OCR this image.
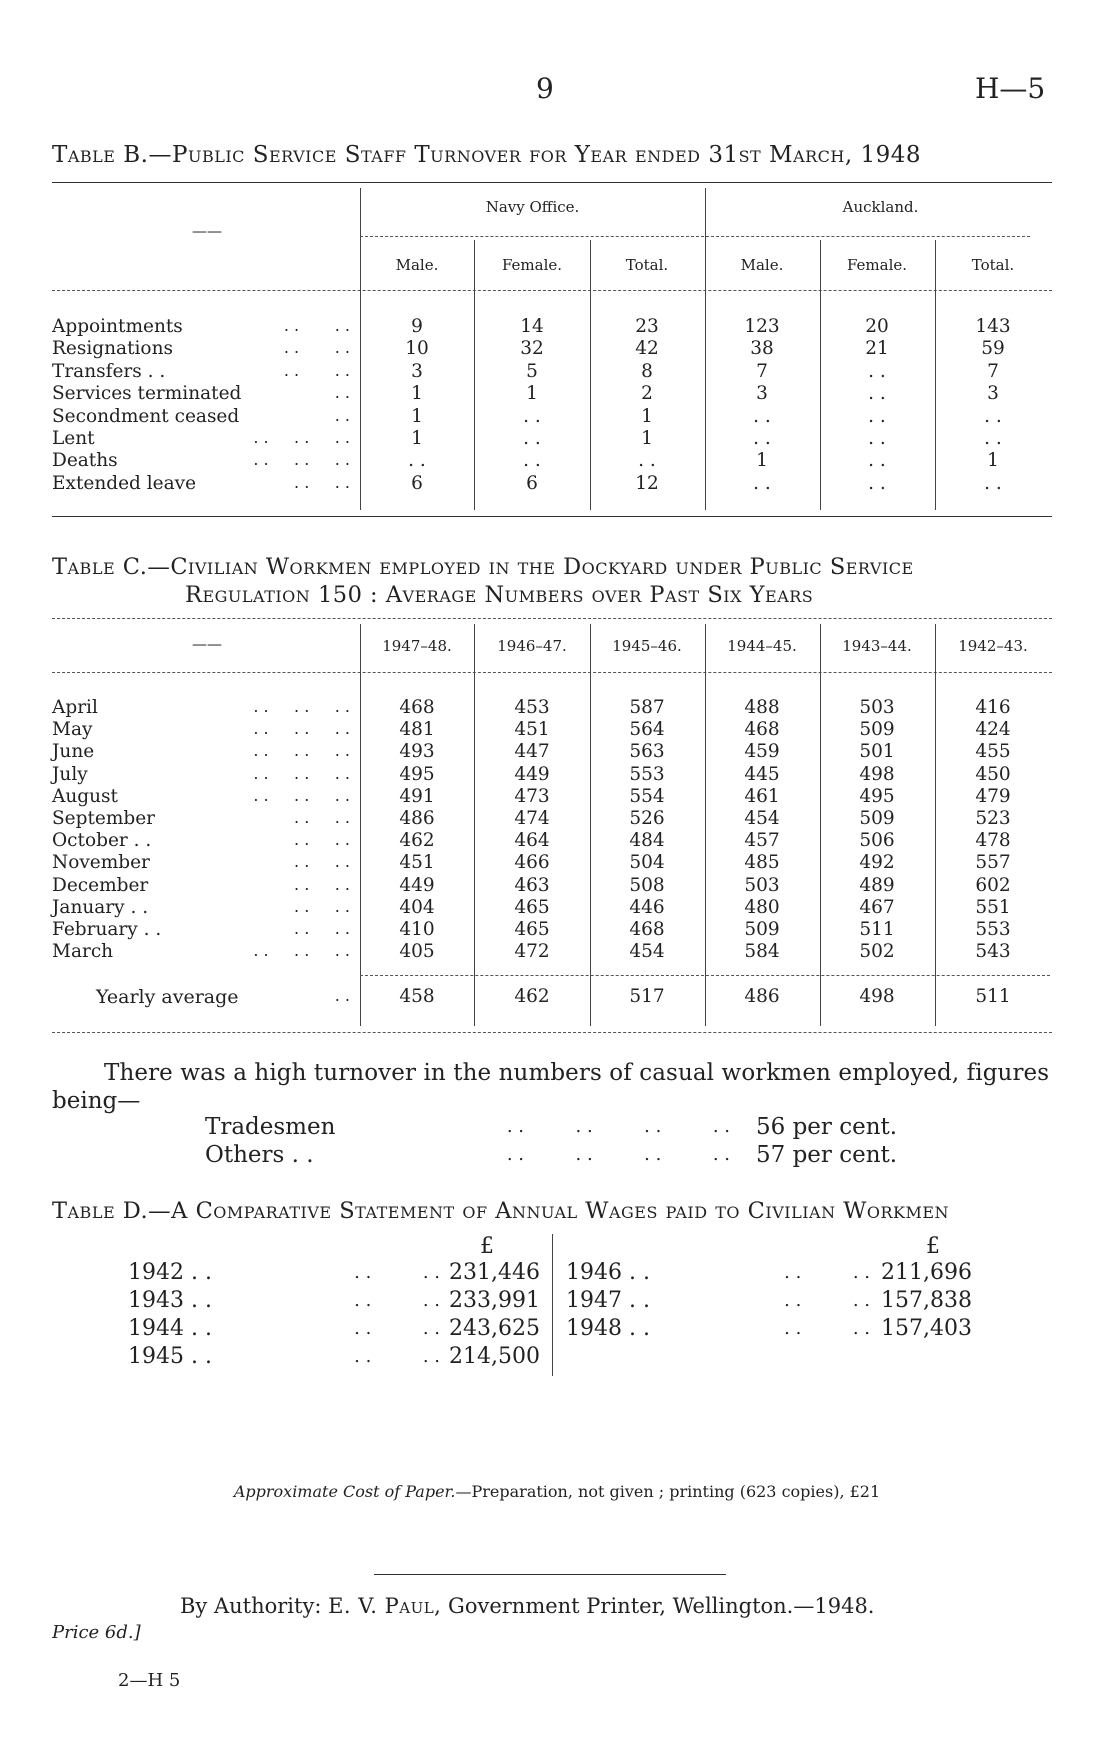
9	H—5
Table B.—Public Service Staff Turnover for Year ended 31st March, 1948
——
Navy Office.	Auckland.
Male.	Female.	Total.	Male.	Female.	Total.
Appointments	. .       . .	9	14	23	123	20	143
Resignations	. .       . .	10	32	42	38	21	59
Transfers . .	. .       . .	3	5	8	7	. .	7
Services terminated	. .	1	1	2	3	. .	3
Secondment ceased	. .	1	. .	1	. .	. .	. .
Lent	. .     . .     . .	1	. .	1	. .	. .	. .
Deaths	. .     . .     . .	. .	. .	. .	1	. .	1
Extended leave	. .     . .	6	6	12	. .	. .	. .
Table C.—Civilian Workmen employed in the Dockyard under Public Service
Regulation 150 : Average Numbers over Past Six Years
——	1947–48.	1946–47.	1945–46.	1944–45.	1943–44.	1942–43.
April	. .     . .     . .	468	453	587	488	503	416
May	. .     . .     . .	481	451	564	468	509	424
June	. .     . .     . .	493	447	563	459	501	455
July	. .     . .     . .	495	449	553	445	498	450
August	. .     . .     . .	491	473	554	461	495	479
September	. .     . .	486	474	526	454	509	523
October . .	. .     . .	462	464	484	457	506	478
November	. .     . .	451	466	504	485	492	557
December	. .     . .	449	463	508	503	489	602
January . .	. .     . .	404	465	446	480	467	551
February . .	. .     . .	410	465	468	509	511	553
March	. .     . .     . .	405	472	454	584	502	543
Yearly average	. .	458	462	517	486	498	511
There was a high turnover in the numbers of casual workmen employed, figures
being—
Tradesmen	. .         . .         . .         . . 56 per cent.
Others . .	. .         . .         . .         . . 57 per cent.
Table D.—A Comparative Statement of Annual Wages paid to Civilian Workmen
£	£
1942 . .	. .         . . 231,446
1943 . .	. .         . . 233,991
1944 . .	. .         . . 243,625
1945 . .	. .         . . 214,500
1946 . .	. .         . . 211,696
1947 . .	. .         . . 157,838
1948 . .	. .         . . 157,403
Approximate Cost of Paper.—Preparation, not given ; printing (623 copies), £21
By Authority: E. V. Paul, Government Printer, Wellington.—1948.
Price 6d.]
2—H 5
